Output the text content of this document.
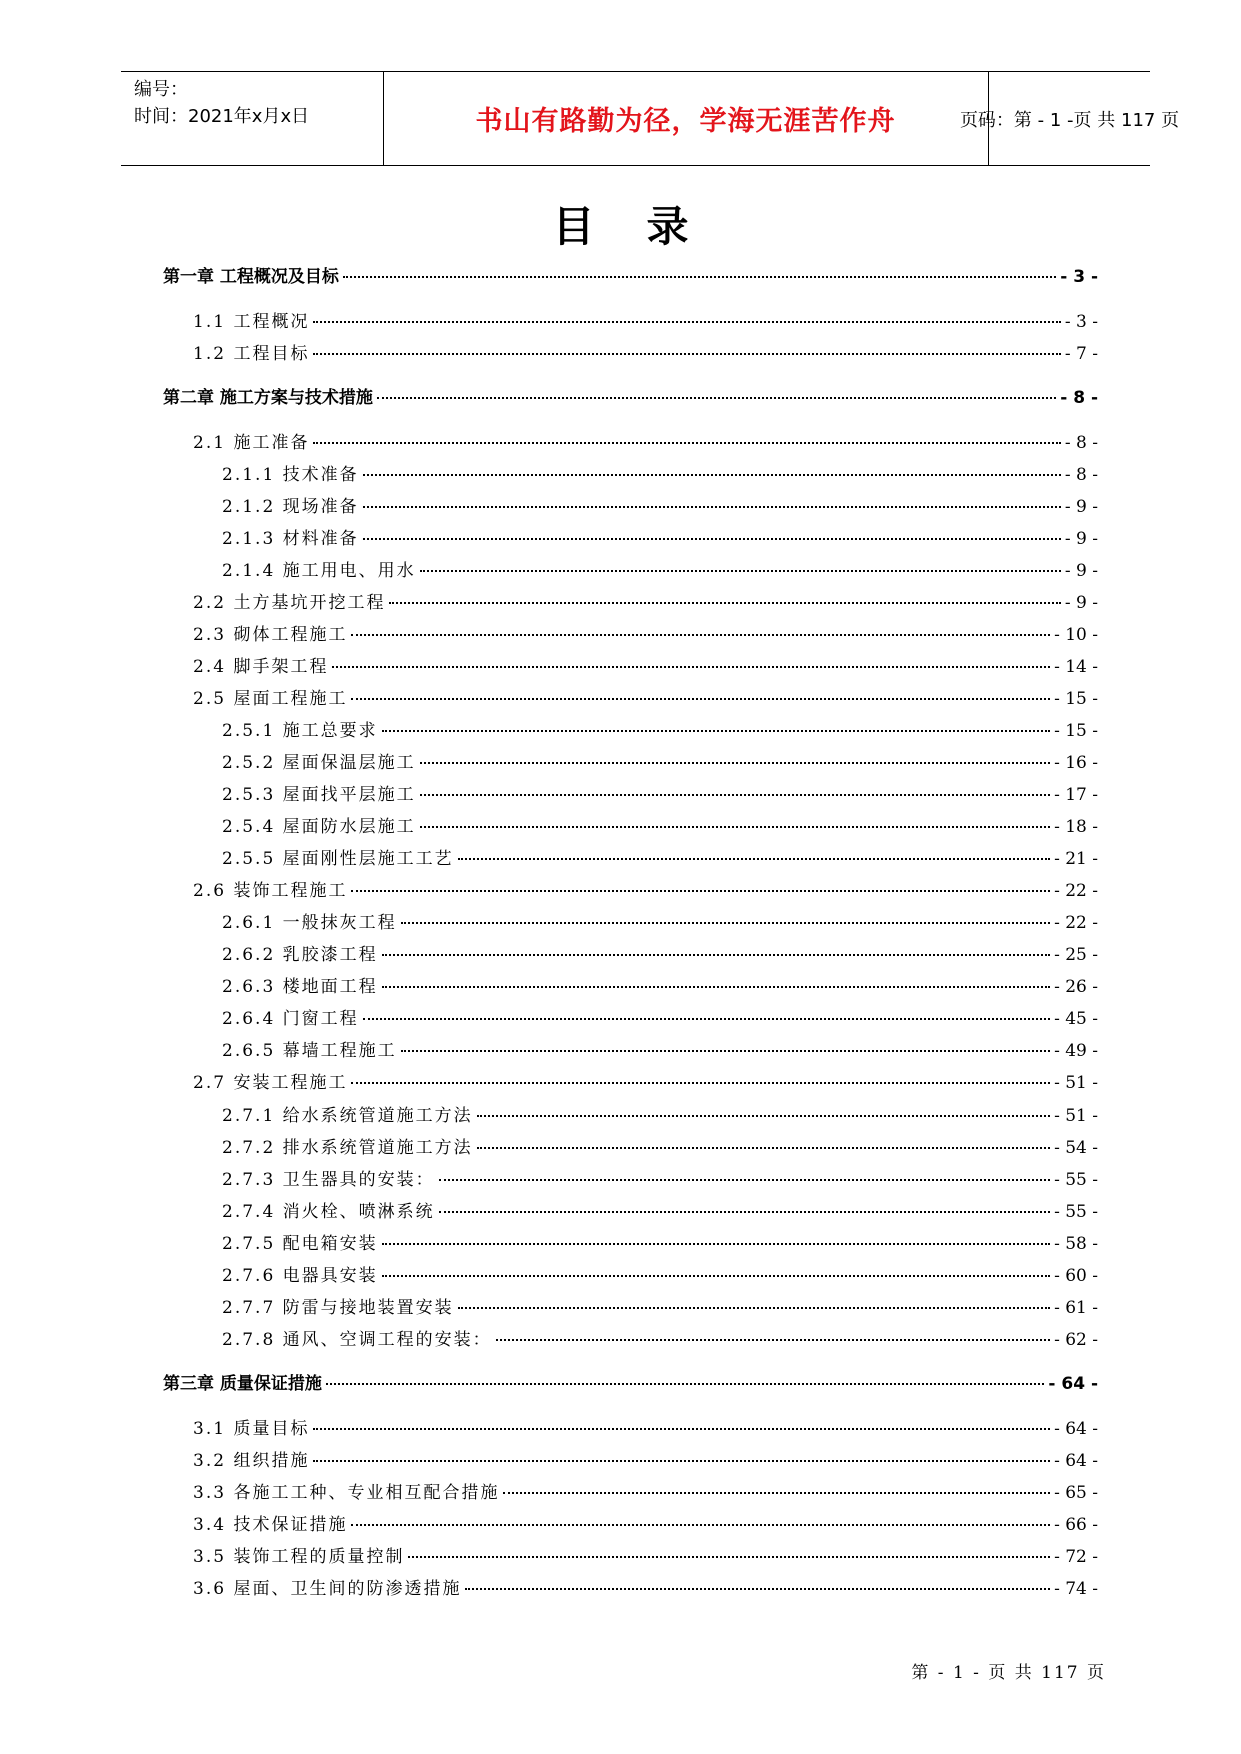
编号：
时间：2021年x月x日	书山有路勤为径，学海无涯苦作舟	页码：第 - 1 -页 共 117 页
目录
第一章 工程概况及目标	- 3 -
1.1 工程概况	- 3 -
1.2 工程目标	- 7 -
第二章 施工方案与技术措施	- 8 -
2.1 施工准备	- 8 -
2.1.1 技术准备	- 8 -
2.1.2 现场准备	- 9 -
2.1.3 材料准备	- 9 -
2.1.4 施工用电、用水	- 9 -
2.2 土方基坑开挖工程	- 9 -
2.3 砌体工程施工	- 10 -
2.4 脚手架工程	- 14 -
2.5 屋面工程施工	- 15 -
2.5.1 施工总要求	- 15 -
2.5.2 屋面保温层施工	- 16 -
2.5.3 屋面找平层施工	- 17 -
2.5.4 屋面防水层施工	- 18 -
2.5.5 屋面刚性层施工工艺	- 21 -
2.6 装饰工程施工	- 22 -
2.6.1 一般抹灰工程	- 22 -
2.6.2 乳胶漆工程	- 25 -
2.6.3 楼地面工程	- 26 -
2.6.4 门窗工程	- 45 -
2.6.5 幕墙工程施工	- 49 -
2.7 安装工程施工	- 51 -
2.7.1 给水系统管道施工方法	- 51 -
2.7.2 排水系统管道施工方法	- 54 -
2.7.3 卫生器具的安装：	- 55 -
2.7.4 消火栓、喷淋系统	- 55 -
2.7.5 配电箱安装	- 58 -
2.7.6 电器具安装	- 60 -
2.7.7 防雷与接地装置安装	- 61 -
2.7.8 通风、空调工程的安装：	- 62 -
第三章 质量保证措施	- 64 -
3.1 质量目标	- 64 -
3.2 组织措施	- 64 -
3.3 各施工工种、专业相互配合措施	- 65 -
3.4 技术保证措施	- 66 -
3.5 装饰工程的质量控制	- 72 -
3.6 屋面、卫生间的防渗透措施	- 74 -
第 - 1 - 页 共 117 页
